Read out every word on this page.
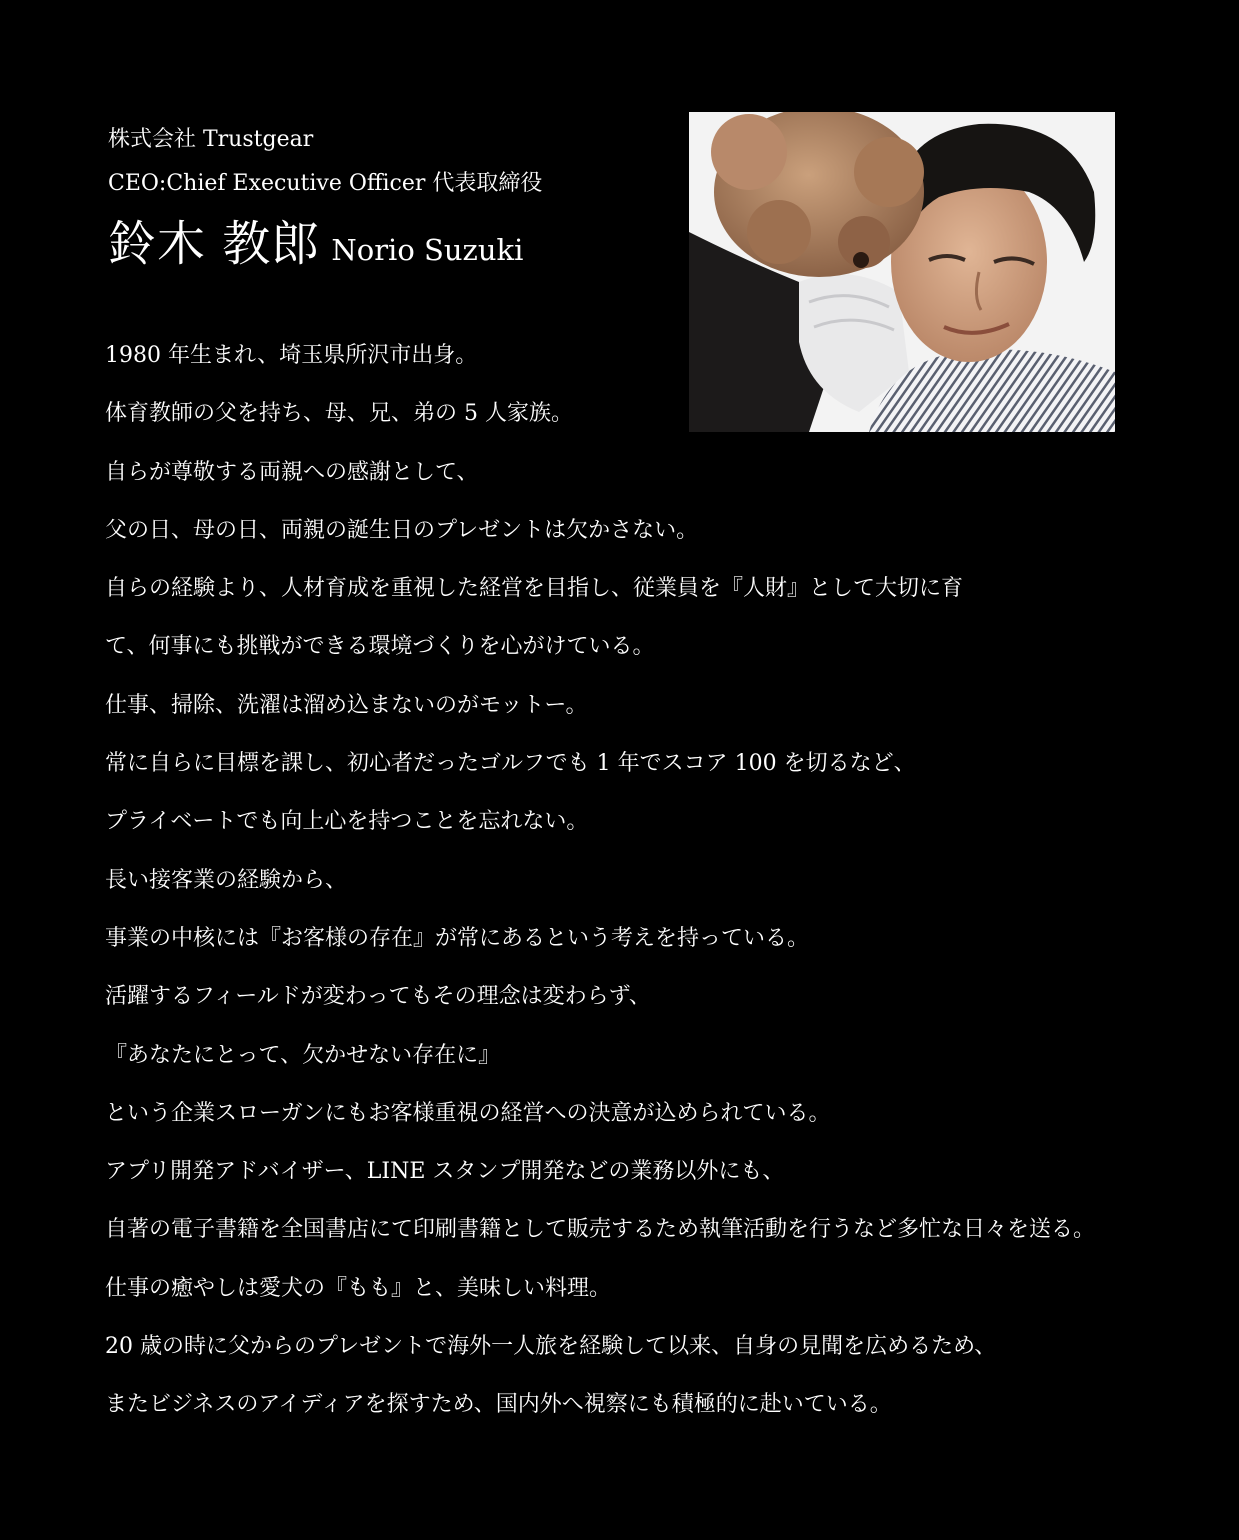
株式会社 Trustgear
CEO:Chief Executive Officer 代表取締役
鈴木 教郎 Norio Suzuki
1980 年生まれ、埼玉県所沢市出身。
体育教師の父を持ち、母、兄、弟の 5 人家族。
自らが尊敬する両親への感謝として、
父の日、母の日、両親の誕生日のプレゼントは欠かさない。
自らの経験より、人材育成を重視した経営を目指し、従業員を『人財』として大切に育
て、何事にも挑戦ができる環境づくりを心がけている。
仕事、掃除、洗濯は溜め込まないのがモットー。
常に自らに目標を課し、初心者だったゴルフでも 1 年でスコア 100 を切るなど、
プライベートでも向上心を持つことを忘れない。
長い接客業の経験から、
事業の中核には『お客様の存在』が常にあるという考えを持っている。
活躍するフィールドが変わってもその理念は変わらず、
『あなたにとって、欠かせない存在に』
という企業スローガンにもお客様重視の経営への決意が込められている。
アプリ開発アドバイザー、LINE スタンプ開発などの業務以外にも、
自著の電子書籍を全国書店にて印刷書籍として販売するため執筆活動を行うなど多忙な日々を送る。
仕事の癒やしは愛犬の『もも』と、美味しい料理。
20 歳の時に父からのプレゼントで海外一人旅を経験して以来、自身の見聞を広めるため、
またビジネスのアイディアを探すため、国内外へ視察にも積極的に赴いている。
